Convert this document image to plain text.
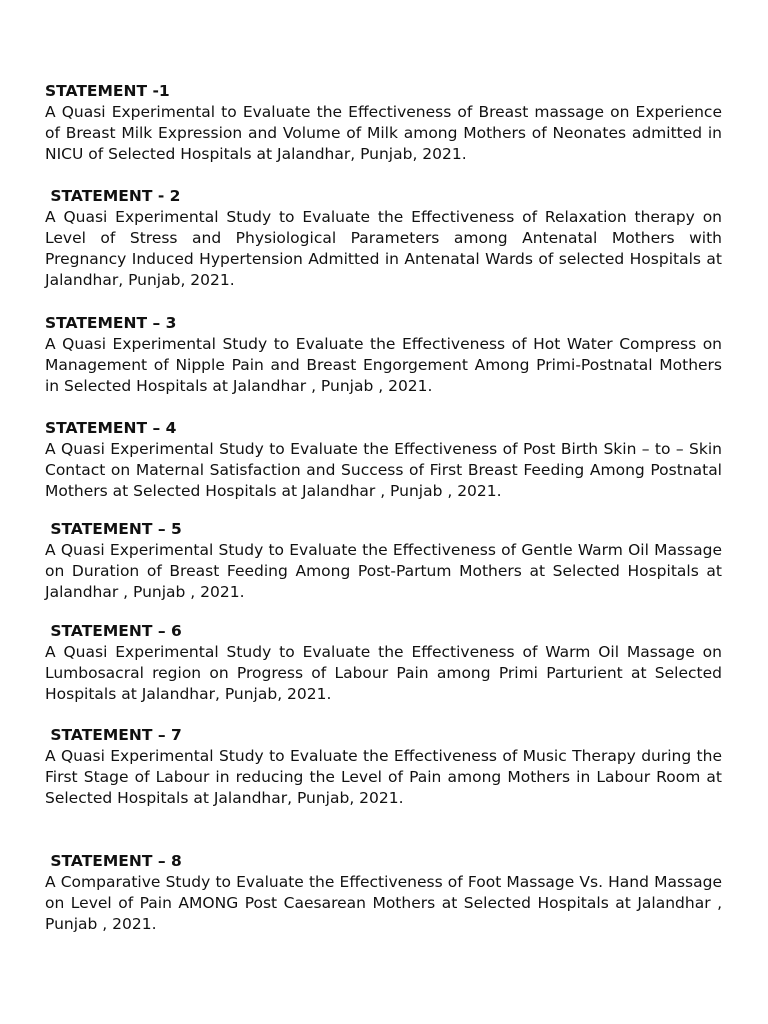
STATEMENT -1

A Quasi Experimental to Evaluate the Effectiveness of Breast massage on Experience of Breast Milk Expression and Volume of Milk among Mothers of Neonates admitted in NICU of Selected Hospitals at Jalandhar, Punjab, 2021.

STATEMENT - 2

A Quasi Experimental Study to Evaluate the Effectiveness of Relaxation therapy on Level of Stress and Physiological Parameters among Antenatal Mothers with Pregnancy Induced Hypertension Admitted in Antenatal Wards of selected Hospitals at Jalandhar, Punjab, 2021.

STATEMENT – 3

A Quasi Experimental Study to Evaluate the Effectiveness of Hot Water Compress on Management of Nipple Pain and Breast Engorgement Among Primi-Postnatal Mothers in Selected Hospitals at Jalandhar , Punjab , 2021.

STATEMENT – 4

A Quasi Experimental Study to Evaluate the Effectiveness of Post Birth Skin – to – Skin Contact on Maternal Satisfaction and Success of First Breast Feeding Among Postnatal Mothers at Selected Hospitals at Jalandhar , Punjab , 2021.

STATEMENT – 5

A Quasi Experimental Study to Evaluate the Effectiveness of Gentle Warm Oil Massage on Duration of Breast Feeding Among Post-Partum Mothers at Selected Hospitals at Jalandhar , Punjab , 2021.

STATEMENT – 6

A Quasi Experimental Study to Evaluate the Effectiveness of Warm Oil Massage on Lumbosacral region on Progress of Labour Pain among Primi Parturient at Selected Hospitals at Jalandhar, Punjab, 2021.

STATEMENT – 7

A Quasi Experimental Study to Evaluate the Effectiveness of Music Therapy during the First Stage of Labour in reducing the Level of Pain among Mothers in Labour Room at Selected Hospitals at Jalandhar, Punjab, 2021.

STATEMENT – 8

A Comparative Study to Evaluate the Effectiveness of Foot Massage Vs. Hand Massage on Level of Pain AMONG Post Caesarean Mothers at Selected Hospitals at Jalandhar , Punjab , 2021.
